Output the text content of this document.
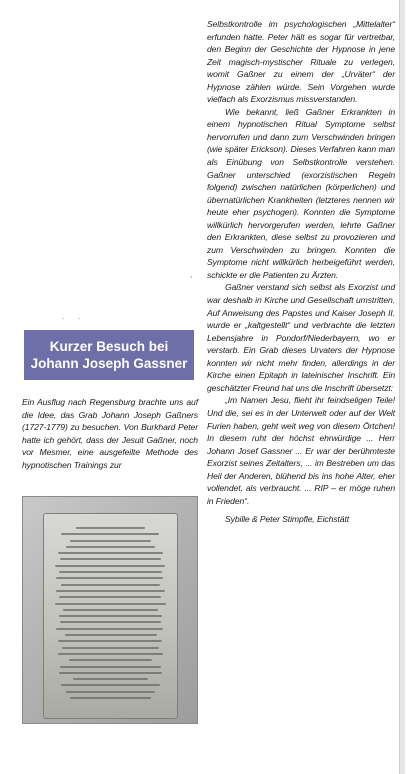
Selbstkontrolle im psychologischen „Mittelalter“ erfunden hatte. Peter hält es sogar für vertretbar, den Beginn der Geschichte der Hypnose in jene Zeit magisch-mystischer Rituale zu verlegen, womit Gaßner zu einem der „Urväter“ der Hypnose zählen würde. Sein Vorgehen wurde vielfach als Exorzismus missverstanden.

Wie bekannt, ließ Gaßner Erkrankten in einem hypnotischen Ritual Symptome selbst hervorrufen und dann zum Verschwinden bringen (wie später Erickson). Dieses Verfahren kann man als Einübung von Selbstkontrolle verstehen. Gaßner unterschied (exorzistischen Regeln folgend) zwischen natürlichen (körperlichen) und übernatürlichen Krankheiten (letzteres nennen wir heute eher psychogen). Konnten die Symptome willkürlich hervorgerufen werden, lehrte Gaßner den Erkrankten, diese selbst zu provozieren und zum Verschwinden zu bringen. Konnten die Symptome nicht willkürlich herbeigeführt werden, schickte er die Patienten zu Ärzten.

Gaßner verstand sich selbst als Exorzist und war deshalb in Kirche und Gesellschaft umstritten. Auf Anweisung des Papstes und Kaiser Joseph II. wurde er „kaltgestellt“ und verbrachte die letzten Lebensjahre in Pondorf/Niederbayern, wo er verstarb. Ein Grab dieses Urvaters der Hypnose konnten wir nicht mehr finden, allerdings in der Kirche einen Epitaph in lateinischer Inschrift. Ein geschätzter Freund hat uns die Inschrift übersetzt:

„Im Namen Jesu, flieht ihr feindseligen Teile! Und die, sei es in der Unterwelt oder auf der Welt Furien haben, geht weit weg von diesem Örtchen! In diesem ruht der höchst ehrwürdige ... Herr Johann Josef Gassner ... Er war der berühmteste Exorzist seines Zeitalters, ... im Bestreben um das Heil der Anderen, blühend bis ins hohe Alter, eher vollendet, als verbraucht. ... RIP – er möge ruhen in Frieden“.

Sybille & Peter Stimpfle, Eichstätt

,
. .
Kurzer Besuch bei
Johann Joseph Gassner

Ein Ausflug nach Regensburg brachte uns auf die Idee, das Grab Johann Joseph Gaßners (1727-1779) zu besuchen. Von Burkhard Peter hatte ich gehört, dass der Jesuit Gaßner, noch vor Mesmer, eine ausgefeilte Methode des hypnotischen Trainings zur
